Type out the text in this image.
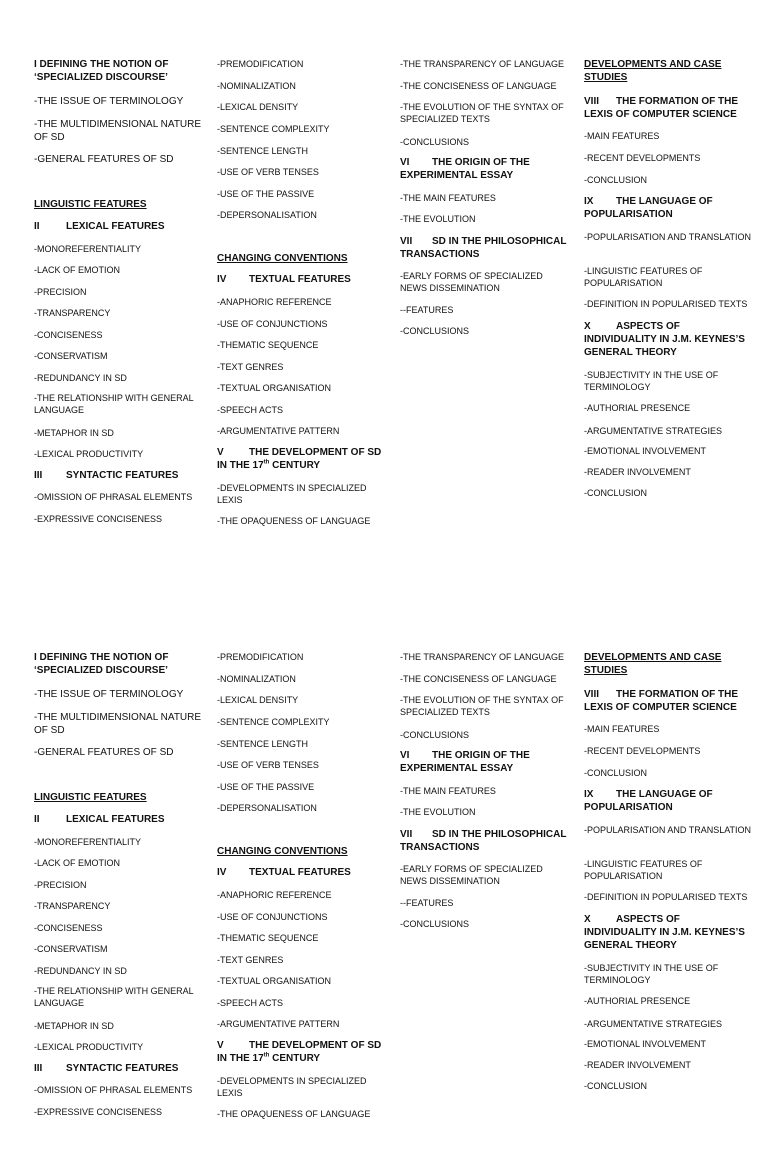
I DEFINING THE NOTION OF ‘SPECIALIZED DISCOURSE’
-THE ISSUE OF TERMINOLOGY
-THE MULTIDIMENSIONAL NATURE OF SD
-GENERAL FEATURES OF SD
LINGUISTIC FEATURES
II	LEXICAL FEATURES
-MONOREFERENTIALITY
-LACK OF EMOTION
-PRECISION
-TRANSPARENCY
-CONCISENESS
-CONSERVATISM
-REDUNDANCY IN SD
-THE RELATIONSHIP WITH GENERAL LANGUAGE
-METAPHOR IN SD
-LEXICAL PRODUCTIVITY
III SYNTACTIC FEATURES
-OMISSION OF PHRASAL ELEMENTS
-EXPRESSIVE CONCISENESS
-PREMODIFICATION
-NOMINALIZATION
-LEXICAL DENSITY
-SENTENCE COMPLEXITY
-SENTENCE LENGTH
-USE OF VERB TENSES
-USE OF THE PASSIVE
-DEPERSONALISATION
CHANGING CONVENTIONS
IV TEXTUAL FEATURES
-ANAPHORIC REFERENCE
-USE OF CONJUNCTIONS
-THEMATIC SEQUENCE
-TEXT GENRES
-TEXTUAL ORGANISATION
-SPEECH ACTS
-ARGUMENTATIVE PATTERN
V	THE DEVELOPMENT OF SD IN THE 17th CENTURY
-DEVELOPMENTS IN SPECIALIZED LEXIS
-THE OPAQUENESS OF LANGUAGE
-THE TRANSPARENCY OF LANGUAGE
-THE CONCISENESS OF LANGUAGE
-THE EVOLUTION OF THE SYNTAX OF SPECIALIZED TEXTS
-CONCLUSIONS
VI THE ORIGIN OF THE EXPERIMENTAL ESSAY
-THE MAIN FEATURES
-THE EVOLUTION
VII SD IN THE PHILOSOPHICAL TRANSACTIONS
-EARLY FORMS OF SPECIALIZED NEWS DISSEMINATION
--FEATURES
-CONCLUSIONS
DEVELOPMENTS AND CASE STUDIES
VIII THE FORMATION OF THE LEXIS OF COMPUTER SCIENCE
-MAIN FEATURES
-RECENT DEVELOPMENTS
-CONCLUSION
IX THE LANGUAGE OF POPULARISATION
-POPULARISATION AND TRANSLATION
-LINGUISTIC FEATURES OF POPULARISATION
-DEFINITION IN POPULARISED TEXTS
X	ASPECTS OF INDIVIDUALITY IN J.M. KEYNES’S GENERAL THEORY
-SUBJECTIVITY IN THE USE OF TERMINOLOGY
-AUTHORIAL PRESENCE
-ARGUMENTATIVE STRATEGIES
-EMOTIONAL INVOLVEMENT
-READER INVOLVEMENT
-CONCLUSION
I DEFINING THE NOTION OF ‘SPECIALIZED DISCOURSE’
-THE ISSUE OF TERMINOLOGY
-THE MULTIDIMENSIONAL NATURE OF SD
-GENERAL FEATURES OF SD
LINGUISTIC FEATURES
II	LEXICAL FEATURES
-MONOREFERENTIALITY
-LACK OF EMOTION
-PRECISION
-TRANSPARENCY
-CONCISENESS
-CONSERVATISM
-REDUNDANCY IN SD
-THE RELATIONSHIP WITH GENERAL LANGUAGE
-METAPHOR IN SD
-LEXICAL PRODUCTIVITY
III SYNTACTIC FEATURES
-OMISSION OF PHRASAL ELEMENTS
-EXPRESSIVE CONCISENESS
-PREMODIFICATION
-NOMINALIZATION
-LEXICAL DENSITY
-SENTENCE COMPLEXITY
-SENTENCE LENGTH
-USE OF VERB TENSES
-USE OF THE PASSIVE
-DEPERSONALISATION
CHANGING CONVENTIONS
IV TEXTUAL FEATURES
-ANAPHORIC REFERENCE
-USE OF CONJUNCTIONS
-THEMATIC SEQUENCE
-TEXT GENRES
-TEXTUAL ORGANISATION
-SPEECH ACTS
-ARGUMENTATIVE PATTERN
V	THE DEVELOPMENT OF SD IN THE 17th CENTURY
-DEVELOPMENTS IN SPECIALIZED LEXIS
-THE OPAQUENESS OF LANGUAGE
-THE TRANSPARENCY OF LANGUAGE
-THE CONCISENESS OF LANGUAGE
-THE EVOLUTION OF THE SYNTAX OF SPECIALIZED TEXTS
-CONCLUSIONS
VI THE ORIGIN OF THE EXPERIMENTAL ESSAY
-THE MAIN FEATURES
-THE EVOLUTION
VII SD IN THE PHILOSOPHICAL TRANSACTIONS
-EARLY FORMS OF SPECIALIZED NEWS DISSEMINATION
--FEATURES
-CONCLUSIONS
DEVELOPMENTS AND CASE STUDIES
VIII THE FORMATION OF THE LEXIS OF COMPUTER SCIENCE
-MAIN FEATURES
-RECENT DEVELOPMENTS
-CONCLUSION
IX THE LANGUAGE OF POPULARISATION
-POPULARISATION AND TRANSLATION
-LINGUISTIC FEATURES OF POPULARISATION
-DEFINITION IN POPULARISED TEXTS
X	ASPECTS OF INDIVIDUALITY IN J.M. KEYNES’S GENERAL THEORY
-SUBJECTIVITY IN THE USE OF TERMINOLOGY
-AUTHORIAL PRESENCE
-ARGUMENTATIVE STRATEGIES
-EMOTIONAL INVOLVEMENT
-READER INVOLVEMENT
-CONCLUSION
